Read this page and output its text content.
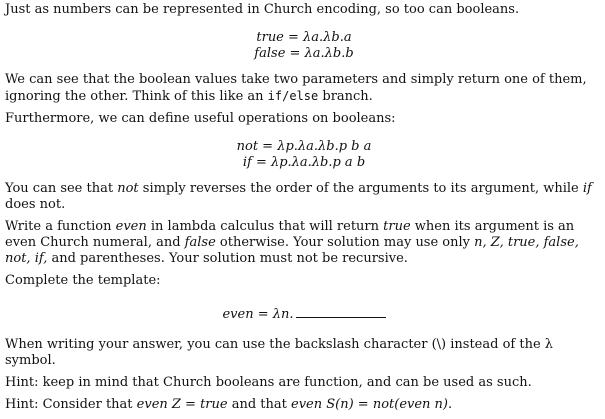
Just as numbers can be represented in Church encoding, so too can booleans.

true = λa.λb.a
false = λa.λb.b

We can see that the boolean values take two parameters and simply return one of them, ignoring the other. Think of this like an if/else branch.

Furthermore, we can define useful operations on booleans:

not = λp.λa.λb.p b a
if = λp.λa.λb.p a b

You can see that not simply reverses the order of the arguments to its argument, while if does not.

Write a function even in lambda calculus that will return true when its argument is an even Church numeral, and false otherwise. Your solution may use only n, Z, true, false, not, if, and parentheses. Your solution must not be recursive.

Complete the template:

even = λn.

When writing your answer, you can use the backslash character (\) instead of the λ symbol.

Hint: keep in mind that Church booleans are function, and can be used as such.

Hint: Consider that even Z = true and that even S(n) = not(even n).
